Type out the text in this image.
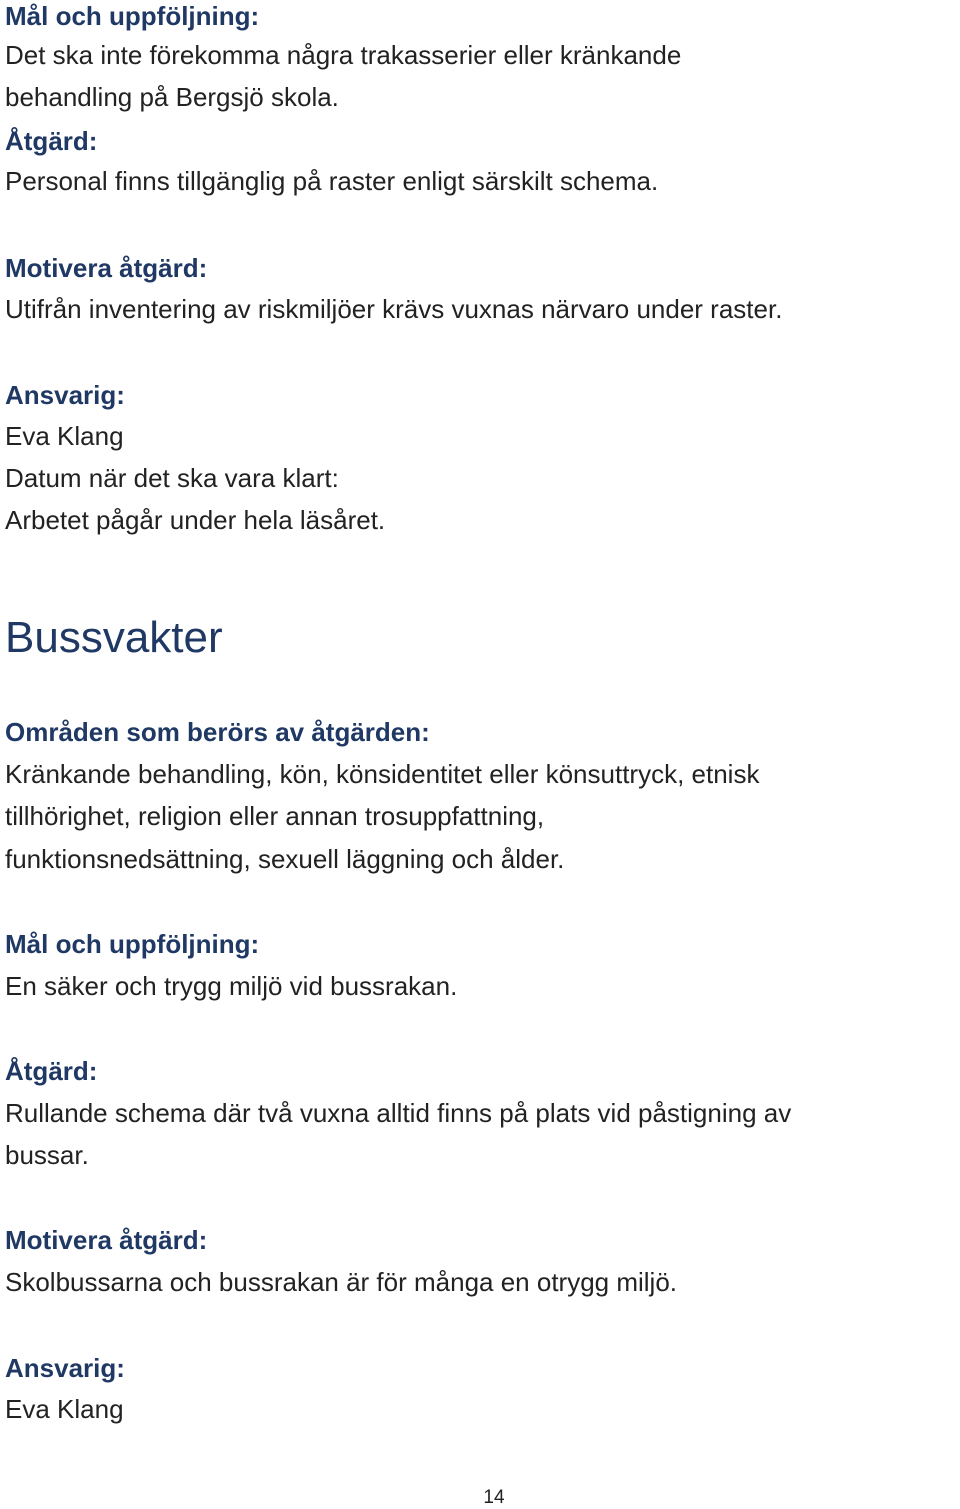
Mål och uppföljning:
Det ska inte förekomma några trakasserier eller kränkande
behandling på Bergsjö skola.
Åtgärd:
Personal finns tillgänglig på raster enligt särskilt schema.
Motivera åtgärd:
Utifrån inventering av riskmiljöer krävs vuxnas närvaro under raster.
Ansvarig:
Eva Klang
Datum när det ska vara klart:
Arbetet pågår under hela läsåret.
Bussvakter
Områden som berörs av åtgärden:
Kränkande behandling, kön, könsidentitet eller könsuttryck, etnisk
tillhörighet, religion eller annan trosuppfattning,
funktionsnedsättning, sexuell läggning och ålder.
Mål och uppföljning:
En säker och trygg miljö vid bussrakan.
Åtgärd:
Rullande schema där två vuxna alltid finns på plats vid påstigning av
bussar.
Motivera åtgärd:
Skolbussarna och bussrakan är för många en otrygg miljö.
Ansvarig:
Eva Klang
14
